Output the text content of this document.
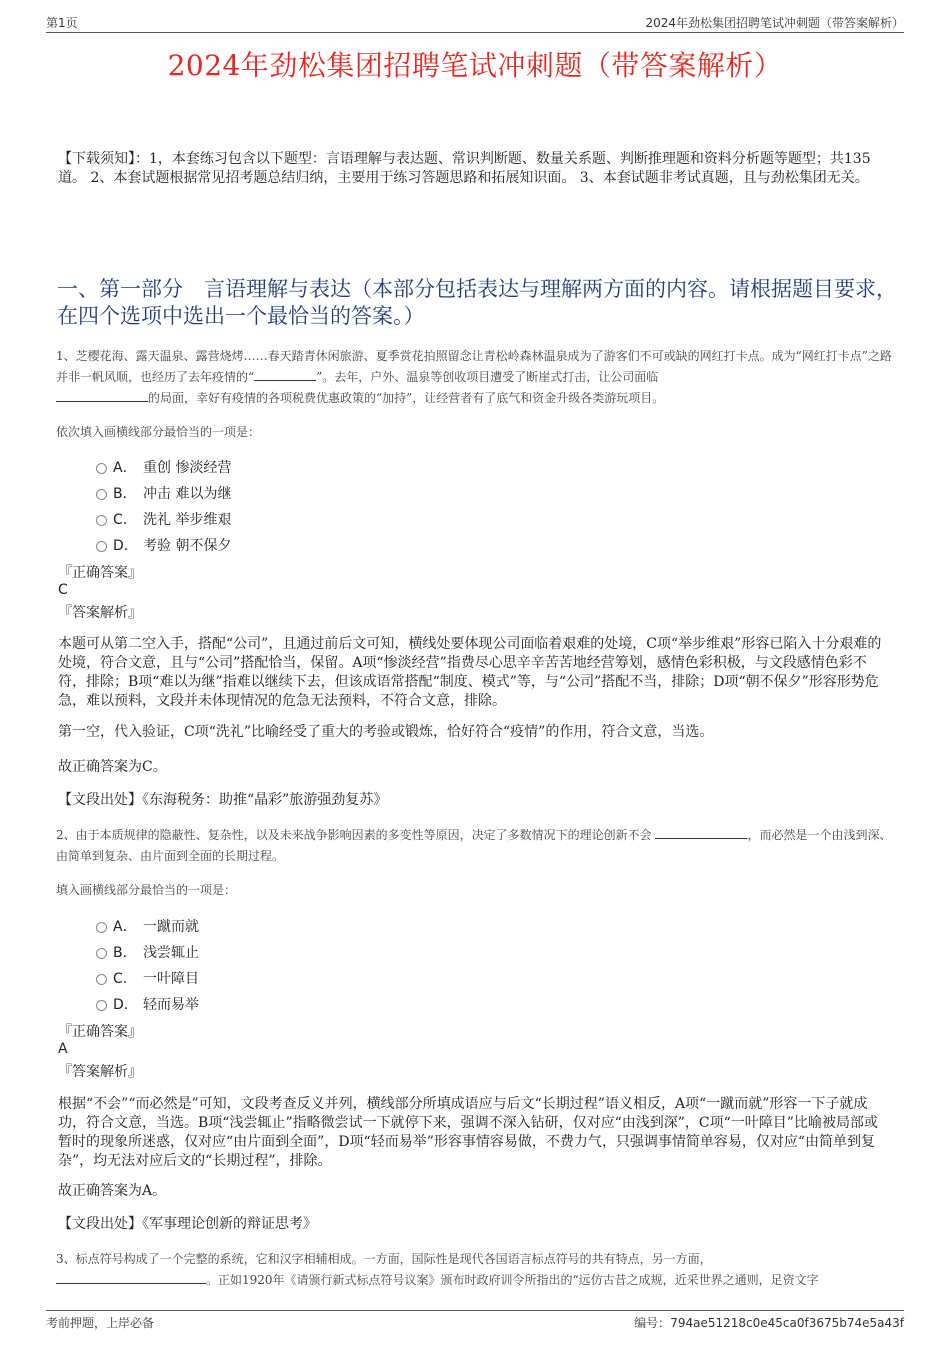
第1页	2024年劲松集团招聘笔试冲刺题（带答案解析）
2024年劲松集团招聘笔试冲刺题（带答案解析）
【下载须知】：1，本套练习包含以下题型：言语理解与表达题、常识判断题、数量关系题、判断推理题和资料分析题等题型；共135道。 2、本套试题根据常见招考题总结归纳，主要用于练习答题思路和拓展知识面。 3、本套试题非考试真题，且与劲松集团无关。
一、第一部分　言语理解与表达（本部分包括表达与理解两方面的内容。请根据题目要求，在四个选项中选出一个最恰当的答案。）
1、芝樱花海、露天温泉、露营烧烤……春天踏青休闲旅游、夏季赏花拍照留念让青松岭森林温泉成为了游客们不可或缺的网红打卡点。成为“网红打卡点”之路并非一帆风顺，也经历了去年疫情的“	”。去年，户外、温泉等创收项目遭受了断崖式打击，让公司面临
的局面，幸好有疫情的各项税费优惠政策的“加持”，让经营者有了底气和资金升级各类游玩项目。
依次填入画横线部分最恰当的一项是：
A． 重创 惨淡经营
B． 冲击 难以为继
C． 洗礼 举步维艰
D． 考验 朝不保夕
『正确答案』
C
『答案解析』
本题可从第二空入手，搭配“公司”，且通过前后文可知，横线处要体现公司面临着艰难的处境，C项“举步维艰”形容已陷入十分艰难的处境，符合文意，且与“公司”搭配恰当，保留。A项“惨淡经营”指费尽心思辛辛苦苦地经营筹划，感情色彩积极，与文段感情色彩不符，排除；B项“难以为继”指难以继续下去，但该成语常搭配“制度、模式”等，与“公司”搭配不当，排除；D项“朝不保夕”形容形势危急，难以预料，文段并未体现情况的危急无法预料，不符合文意，排除。
第一空，代入验证，C项“洗礼”比喻经受了重大的考验或锻炼，恰好符合“疫情”的作用，符合文意，当选。
故正确答案为C。
【文段出处】《东海税务：助推“晶彩”旅游强劲复苏》
2、由于本质规律的隐蔽性、复杂性，以及未来战争影响因素的多变性等原因，决定了多数情况下的理论创新不会	，而必然是一个由浅到深、由简单到复杂、由片面到全面的长期过程。
填入画横线部分最恰当的一项是：
A． 一蹴而就
B． 浅尝辄止
C． 一叶障目
D． 轻而易举
『正确答案』
A
『答案解析』
根据“不会”“而必然是”可知，文段考查反义并列，横线部分所填成语应与后文“长期过程”语义相反，A项“一蹴而就”形容一下子就成功，符合文意，当选。B项“浅尝辄止”指略微尝试一下就停下来，强调不深入钻研，仅对应“由浅到深”，C项“一叶障目”比喻被局部或暂时的现象所迷惑，仅对应“由片面到全面”，D项“轻而易举”形容事情容易做，不费力气，只强调事情简单容易，仅对应“由简单到复杂”，均无法对应后文的“长期过程”，排除。
故正确答案为A。
【文段出处】《军事理论创新的辩证思考》
3、标点符号构成了一个完整的系统，它和汉字相辅相成。一方面，国际性是现代各国语言标点符号的共有特点，另一方面，
。正如1920年《请颁行新式标点符号议案》颁布时政府训令所指出的“远仿古昔之成规，近采世界之通则，足资文字
考前押题，上岸必备	编号：794ae51218c0e45ca0f3675b74e5a43f
